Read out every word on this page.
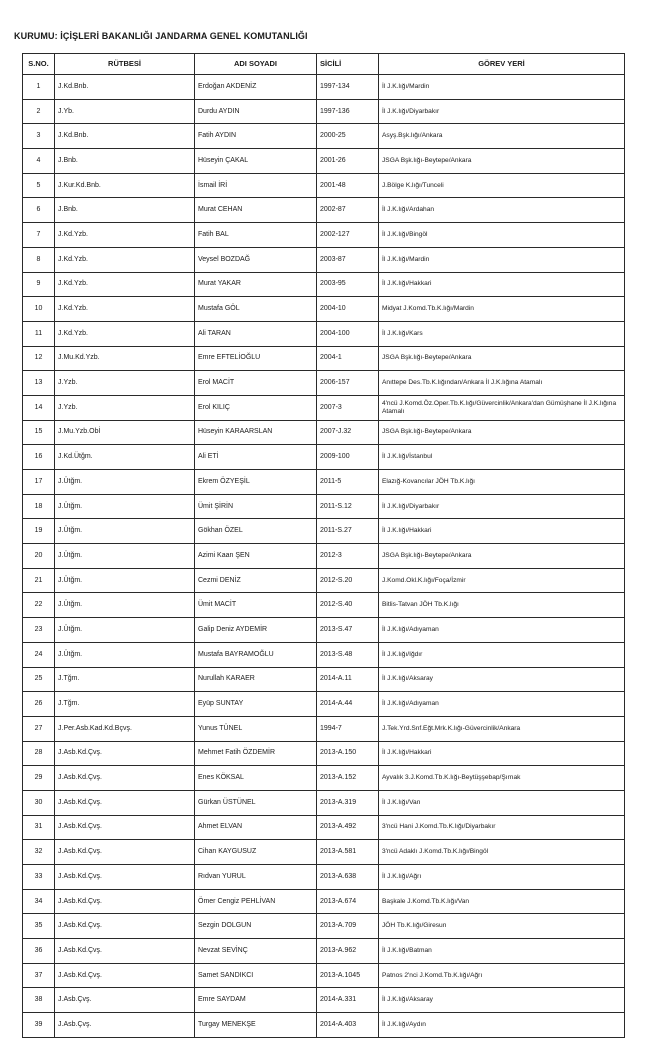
KURUMU: İÇİŞLERİ BAKANLIĞI JANDARMA GENEL KOMUTANLIĞI
S.NO.	RÜTBESİ	ADI SOYADI	SİCİLİ	GÖREV YERİ
1	J.Kd.Bnb.	Erdoğan AKDENİZ	1997-134	İl J.K.lığı/Mardin
2	J.Yb.	Durdu AYDIN	1997-136	İl J.K.lığı/Diyarbakır
3	J.Kd.Bnb.	Fatih AYDIN	2000-25	Asyş.Bşk.lığı/Ankara
4	J.Bnb.	Hüseyin ÇAKAL	2001-26	JSGA Bşk.lığı-Beytepe/Ankara
5	J.Kur.Kd.Bnb.	İsmail İRİ	2001-48	J.Bölge K.lığı/Tunceli
6	J.Bnb.	Murat CEHAN	2002-87	İl J.K.lığı/Ardahan
7	J.Kd.Yzb.	Fatih BAL	2002-127	İl J.K.lığı/Bingöl
8	J.Kd.Yzb.	Veysel BOZDAĞ	2003-87	İl J.K.lığı/Mardin
9	J.Kd.Yzb.	Murat YAKAR	2003-95	İl J.K.lığı/Hakkari
10	J.Kd.Yzb.	Mustafa GÖL	2004-10	Midyat J.Komd.Tb.K.lığı/Mardin
11	J.Kd.Yzb.	Ali TARAN	2004-100	İl J.K.lığı/Kars
12	J.Mu.Kd.Yzb.	Emre EFTELİOĞLU	2004-1	JSGA Bşk.lığı-Beytepe/Ankara
13	J.Yzb.	Erol MACİT	2006-157	Anıttepe Des.Tb.K.lığından/Ankara İl J.K.lığına Atamalı
14	J.Yzb.	Erol KILIÇ	2007-3	4'ncü J.Komd.Öz.Oper.Tb.K.lığı/Güvercinlik/Ankara'dan Gümüşhane İl J.K.lığına Atamalı
15	J.Mu.Yzb.Obİ	Hüseyin KARAARSLAN	2007-J.32	JSGA Bşk.lığı-Beytepe/Ankara
16	J.Kd.Ütğm.	Ali ETİ	2009-100	İl J.K.lığı/İstanbul
17	J.Ütğm.	Ekrem ÖZYEŞİL	2011-5	Elazığ-Kovancılar JÖH Tb.K.lığı
18	J.Ütğm.	Ümit ŞİRİN	2011-S.12	İl J.K.lığı/Diyarbakır
19	J.Ütğm.	Gökhan ÖZEL	2011-S.27	İl J.K.lığı/Hakkari
20	J.Ütğm.	Azimi Kaan ŞEN	2012-3	JSGA Bşk.lığı-Beytepe/Ankara
21	J.Ütğm.	Cezmi DENİZ	2012-S.20	J.Komd.Okl.K.lığı/Foça/İzmir
22	J.Ütğm.	Ümit MACİT	2012-S.40	Bitlis-Tatvan JÖH Tb.K.lığı
23	J.Ütğm.	Galip Deniz AYDEMİR	2013-S.47	İl J.K.lığı/Adıyaman
24	J.Ütğm.	Mustafa BAYRAMOĞLU	2013-S.48	İl J.K.lığı/Iğdır
25	J.Tğm.	Nurullah KARAER	2014-A.11	İl J.K.lığı/Aksaray
26	J.Tğm.	Eyüp SUNTAY	2014-A.44	İl J.K.lığı/Adıyaman
27	J.Per.Asb.Kad.Kd.Bçvş.	Yunus TÜNEL	1994-7	J.Tek.Yrd.Snf.Eğt.Mrk.K.lığı-Güvercinlik/Ankara
28	J.Asb.Kd.Çvş.	Mehmet Fatih ÖZDEMİR	2013-A.150	İl J.K.lığı/Hakkari
29	J.Asb.Kd.Çvş.	Enes KÖKSAL	2013-A.152	Ayvalık 3.J.Komd.Tb.K.lığı-Beytüşşebap/Şırnak
30	J.Asb.Kd.Çvş.	Gürkan ÜSTÜNEL	2013-A.319	İl J.K.lığı/Van
31	J.Asb.Kd.Çvş.	Ahmet ELVAN	2013-A.492	3'ncü Hani J.Komd.Tb.K.lığı/Diyarbakır
32	J.Asb.Kd.Çvş.	Cihan KAYGUSUZ	2013-A.581	3'ncü Adaklı J.Komd.Tb.K.lığı/Bingöl
33	J.Asb.Kd.Çvş.	Rıdvan YURUL	2013-A.638	İl J.K.lığı/Ağrı
34	J.Asb.Kd.Çvş.	Ömer Cengiz PEHLİVAN	2013-A.674	Başkale J.Komd.Tb.K.lığı/Van
35	J.Asb.Kd.Çvş.	Sezgin DOLGUN	2013-A.709	JÖH Tb.K.lığı/Giresun
36	J.Asb.Kd.Çvş.	Nevzat SEVİNÇ	2013-A.962	İl J.K.lığı/Batman
37	J.Asb.Kd.Çvş.	Samet SANDIKCI	2013-A.1045	Patnos 2'nci J.Komd.Tb.K.lığı/Ağrı
38	J.Asb.Çvş.	Emre SAYDAM	2014-A.331	İl J.K.lığı/Aksaray
39	J.Asb.Çvş.	Turgay MENEKŞE	2014-A.403	İl J.K.lığı/Aydın
